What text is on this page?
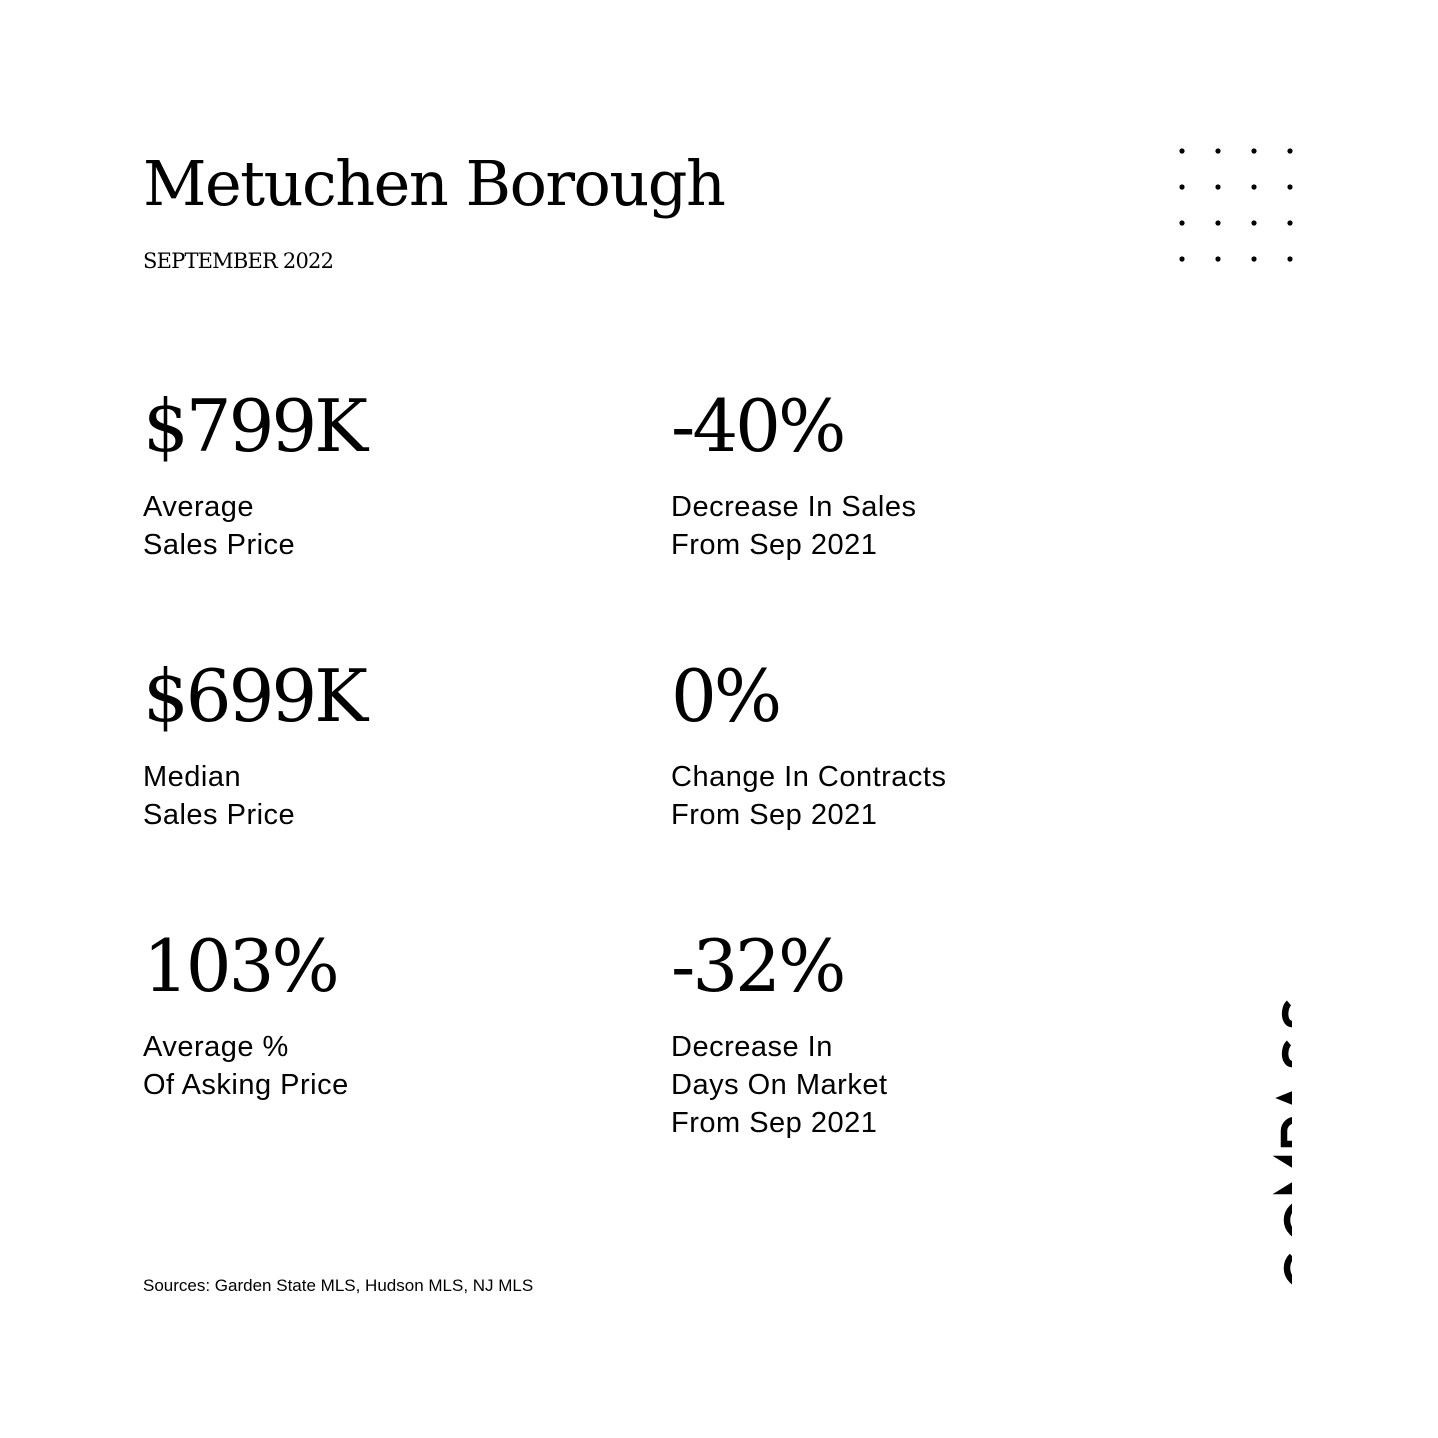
Metuchen Borough
SEPTEMBER 2022
$799K
Average
Sales Price
-40%
Decrease In Sales
From Sep 2021
$699K
Median
Sales Price
0%
Change In Contracts
From Sep 2021
103%
Average %
Of Asking Price
-32%
Decrease In
Days On Market
From Sep 2021
Sources: Garden State MLS, Hudson MLS, NJ MLS
